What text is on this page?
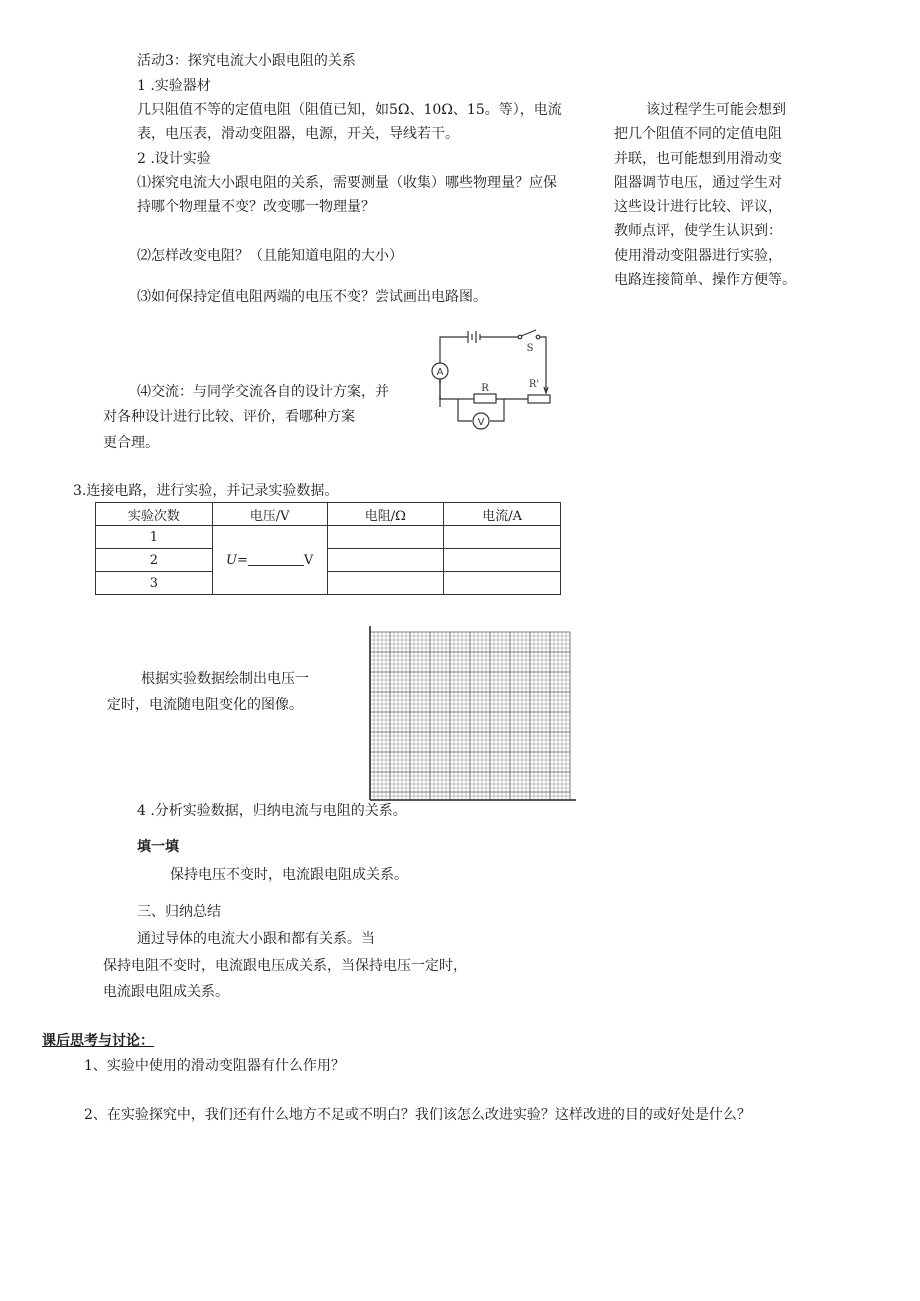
活动3：探究电流大小跟电阻的关系
1 .实验器材
几只阻值不等的定值电阻（阻值已知，如5Ω、10Ω、15。等），电流
表，电压表，滑动变阻器，电源，开关，导线若干。
2 .设计实验
⑴探究电流大小跟电阻的关系，需要测量（收集）哪些物理量？应保
持哪个物理量不变？改变哪一物理量？
⑵怎样改变电阻？（且能知道电阻的大小）
⑶如何保持定值电阻两端的电压不变？尝试画出电路图。
⑷交流：与同学交流各自的设计方案，并
对各种设计进行比较、评价，看哪种方案
更合理。
该过程学生可能会想到
把几个阻值不同的定值电阻
并联，也可能想到用滑动变
阻器调节电压，通过学生对
这些设计进行比较、评议，
教师点评，使学生认识到：
使用滑动变阻器进行实验，
电路连接简单、操作方便等。
A
V
R	R'
S
3.连接电路，进行实验，并记录实验数据。
实验次数	电压/V	电阻/Ω	电流/A
1	U= V		
2			
3			
根据实验数据绘制出电压一
定时，电流随电阻变化的图像。
4 .分析实验数据，归纳电流与电阻的关系。
填一填
保持电压不变时，电流跟电阻成关系。
三、归纳总结
通过导体的电流大小跟和都有关系。当
保持电阻不变时，电流跟电压成关系，当保持电压一定时，
电流跟电阻成关系。
课后思考与讨论：
1、实验中使用的滑动变阻器有什么作用？
2、在实验探究中，我们还有什么地方不足或不明白？我们该怎么改进实验？这样改进的目的或好处是什么？
